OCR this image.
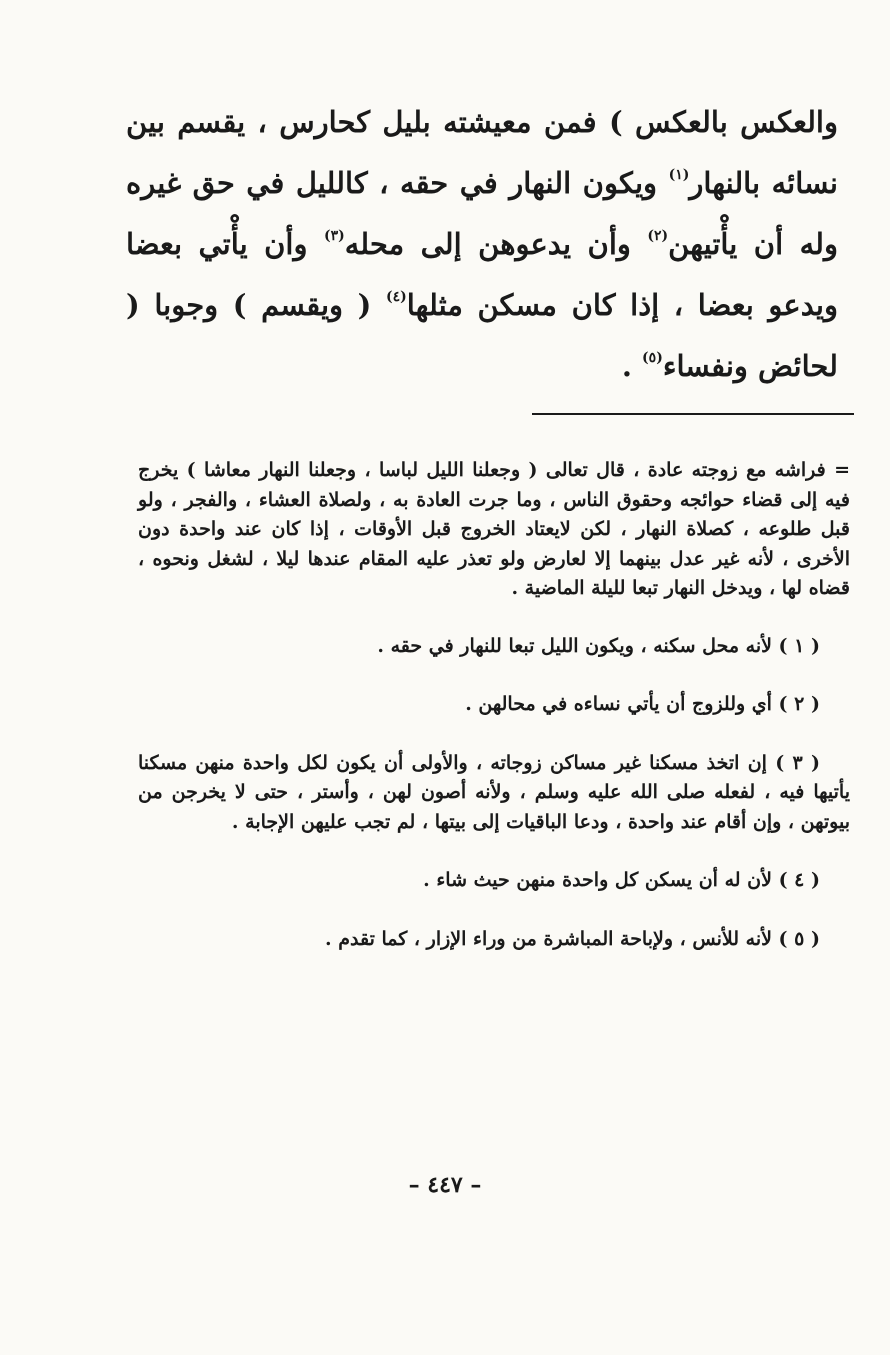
والعكس بالعكس ) فمن معيشته بليل كحارس ، يقسم بين نسائه بالنهار$^{(١)}$ ويكون النهار في حقه ، كالليل في حق غيره وله أن يأْتيهن$^{(٢)}$ وأن يدعوهن إلى محله$^{(٣)}$ وأن يأْتي بعضا ويدعو بعضا ، إذا كان مسكن مثلها$^{(٤)}$ ( ويقسم ) وجوبا ( لحائض ونفساء$^{(٥)}$ .

= فراشه مع زوجته عادة ، قال تعالى ( وجعلنا الليل لباسا ، وجعلنا النهار معاشا ) يخرج فيه إلى قضاء حوائجه وحقوق الناس ، وما جرت العادة به ، ولصلاة العشاء ، والفجر ، ولو قبل طلوعه ، كصلاة النهار ، لكن لايعتاد الخروج قبل الأوقات ، إذا كان عند واحدة دون الأخرى ، لأنه غير عدل بينهما إلا لعارض ولو تعذر عليه المقام عندها ليلا ، لشغل ونحوه ، قضاه لها ، ويدخل النهار تبعا لليلة الماضية .

( ١ ) لأنه محل سكنه ، ويكون الليل تبعا للنهار في حقه .

( ٢ ) أي وللزوج أن يأتي نساءه في محالهن .

( ٣ ) إن اتخذ مسكنا غير مساكن زوجاته ، والأولى أن يكون لكل واحدة منهن مسكنا يأتيها فيه ، لفعله صلى الله عليه وسلم ، ولأنه أصون لهن ، وأستر ، حتى لا يخرجن من بيوتهن ، وإن أقام عند واحدة ، ودعا الباقيات إلى بيتها ، لم تجب عليهن الإجابة .

( ٤ ) لأن له أن يسكن كل واحدة منهن حيث شاء .

( ٥ ) لأنه للأنس ، ولإباحة المباشرة من وراء الإزار ، كما تقدم .

– ٤٤٧ –
